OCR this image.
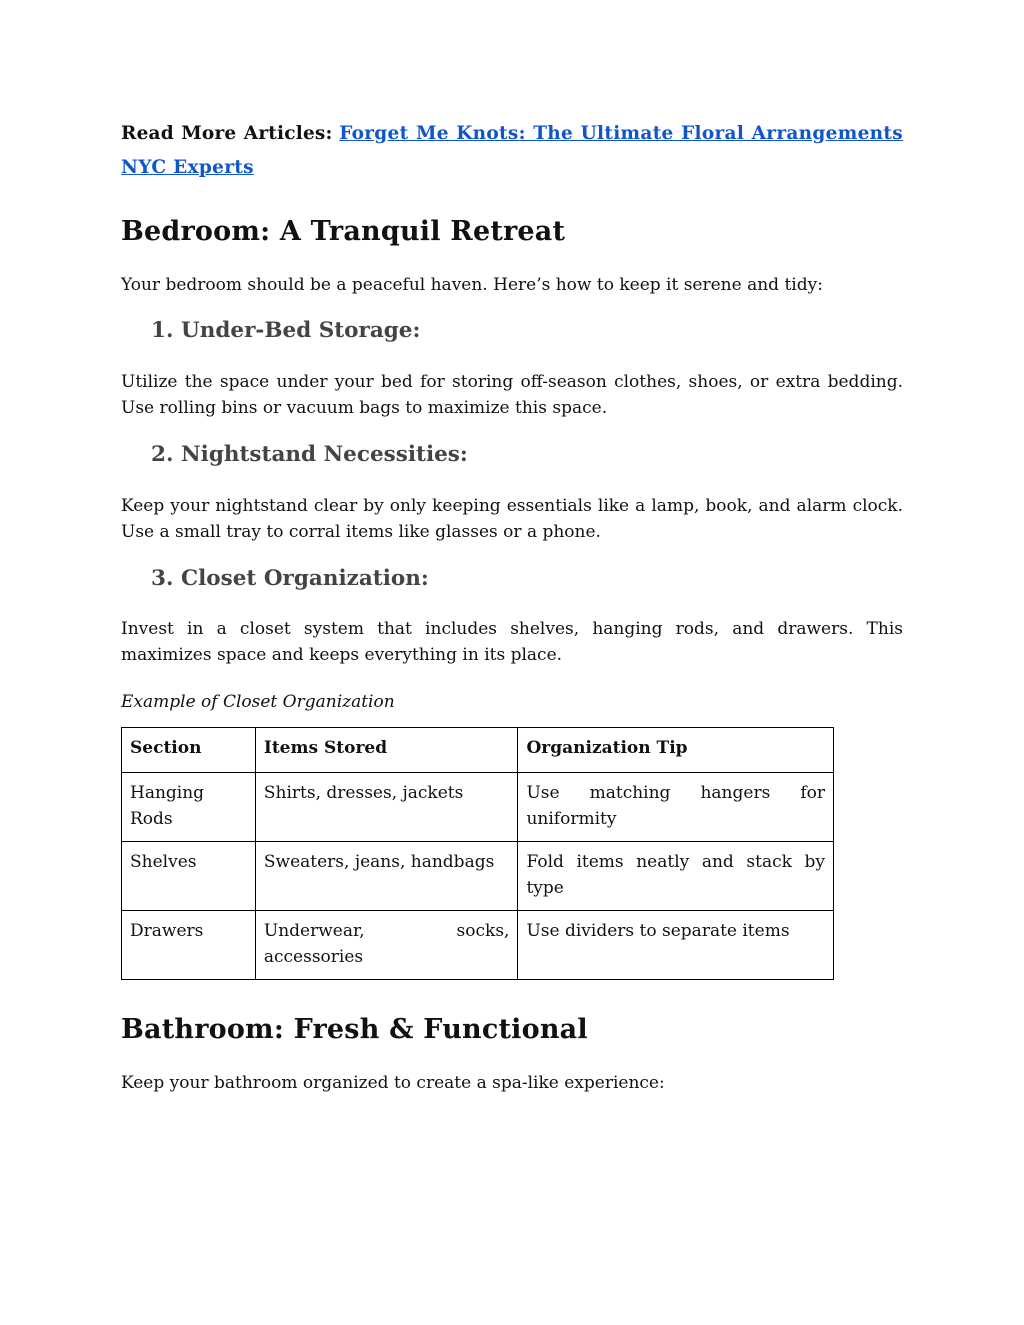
Read More Articles: Forget Me Knots: The Ultimate Floral Arrangements NYC Experts

Bedroom: A Tranquil Retreat

Your bedroom should be a peaceful haven. Here’s how to keep it serene and tidy:

1. Under-Bed Storage:

Utilize the space under your bed for storing off-season clothes, shoes, or extra bedding. Use rolling bins or vacuum bags to maximize this space.

2. Nightstand Necessities:

Keep your nightstand clear by only keeping essentials like a lamp, book, and alarm clock. Use a small tray to corral items like glasses or a phone.

3. Closet Organization:

Invest in a closet system that includes shelves, hanging rods, and drawers. This maximizes space and keeps everything in its place.

Example of Closet Organization

Section	Items Stored	Organization Tip
Hanging Rods	Shirts, dresses, jackets	Use matching hangers for uniformity
Shelves	Sweaters, jeans, handbags	Fold items neatly and stack by type
Drawers	Underwear, socks, accessories	Use dividers to separate items
Bathroom: Fresh & Functional

Keep your bathroom organized to create a spa-like experience:
